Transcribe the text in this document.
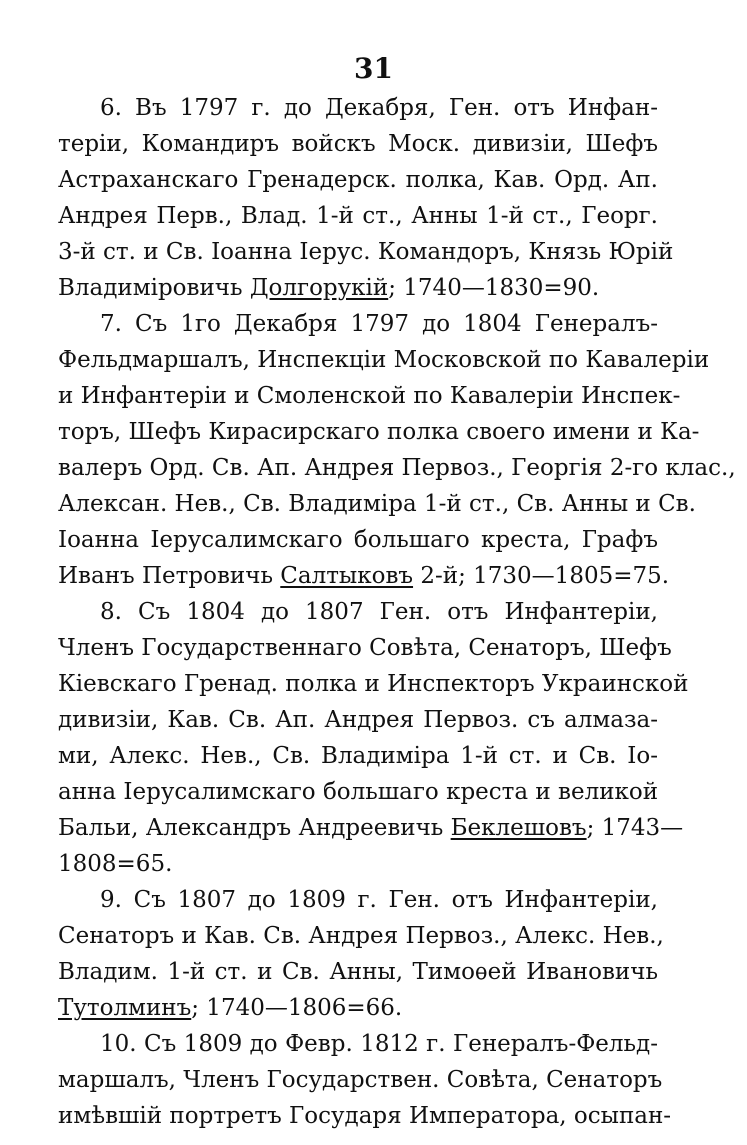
31
6. Въ 1797 г. до Декабря, Ген. отъ Инфан-
теріи, Командиръ войскъ Моск. дивизіи, Шефъ
Астраханскаго Гренадерск. полка, Кав. Орд. Ап.
Андрея Перв., Влад. 1-й ст., Анны 1-й ст., Георг.
3-й ст. и Св. Іоанна Іерус. Командоръ, Князь Юрій
Владиміровичь Долгорукій; 1740—1830=90.
7. Съ 1го Декабря 1797 до 1804 Генералъ-
Фельдмаршалъ, Инспекціи Московской по Кавалеріи
и Инфантеріи и Смоленской по Кавалеріи Инспек-
торъ, Шефъ Кирасирскаго полка своего имени и Ка-
валеръ Орд. Св. Ап. Андрея Первоз., Георгія 2-го клас.,
Алексан. Нев., Св. Владиміра 1-й ст., Св. Анны и Св.
Іоанна Іерусалимскаго большаго креста, Графъ
Иванъ Петровичь Салтыковъ 2-й; 1730—1805=75.
8. Съ 1804 до 1807 Ген. отъ Инфантеріи,
Членъ Государственнаго Совѣта, Сенаторъ, Шефъ
Кіевскаго Гренад. полка и Инспекторъ Украинской
дивизіи, Кав. Св. Ап. Андрея Первоз. съ алмаза-
ми, Алекс. Нев., Св. Владиміра 1-й ст. и Св. Іо-
анна Іерусалимскаго большаго креста и великой
Бальи, Александръ Андреевичь Беклешовъ; 1743—
1808=65.
9. Съ 1807 до 1809 г. Ген. отъ Инфантеріи,
Сенаторъ и Кав. Св. Андрея Первоз., Алекс. Нев.,
Владим. 1-й ст. и Св. Анны, Тимоѳей Ивановичь
Тутолминъ; 1740—1806=66.
10. Съ 1809 до Февр. 1812 г. Генералъ-Фельд-
маршалъ, Членъ Государствен. Совѣта, Сенаторъ
имѣвшій портретъ Государя Императора, осыпан-
